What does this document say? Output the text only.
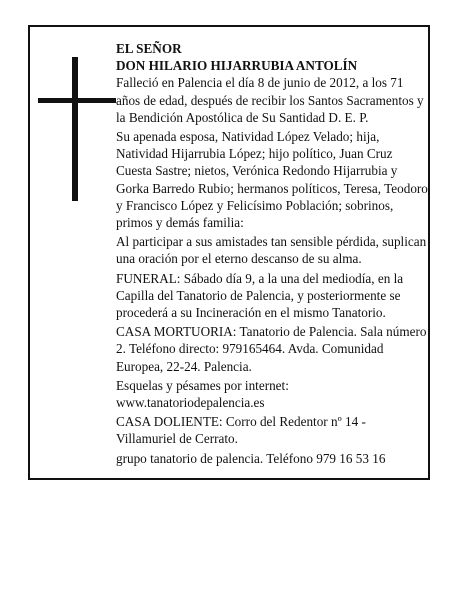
EL SEÑOR

DON HILARIO HIJARRUBIA ANTOLÍN

Falleció en Palencia el día 8 de junio de 2012, a los 71 años de edad, después de recibir los Santos Sacramentos y la Bendición Apostólica de Su Santidad D. E. P.

Su apenada esposa, Natividad López Velado; hija, Natividad Hijarrubia López; hijo político, Juan Cruz Cuesta Sastre; nietos, Verónica Redondo Hijarrubia y Gorka Barredo Rubio; hermanos políticos, Teresa, Teodoro y Francisco López y Felicísimo Población; sobrinos, primos y demás familia:

Al participar a sus amistades tan sensible pérdida, suplican una oración por el eterno descanso de su alma.

FUNERAL: Sábado día 9, a la una del mediodía, en la Capilla del Tanatorio de Palencia, y posteriormente se procederá a su Incineración en el mismo Tanatorio.

CASA MORTUORIA: Tanatorio de Palencia. Sala número 2. Teléfono directo: 979165464. Avda. Comunidad Europea, 22-24. Palencia.

Esquelas y pésames por internet: www.tanatoriodepalencia.es

CASA DOLIENTE: Corro del Redentor nº 14 - Villamuriel de Cerrato.

grupo tanatorio de palencia. Teléfono 979 16 53 16
